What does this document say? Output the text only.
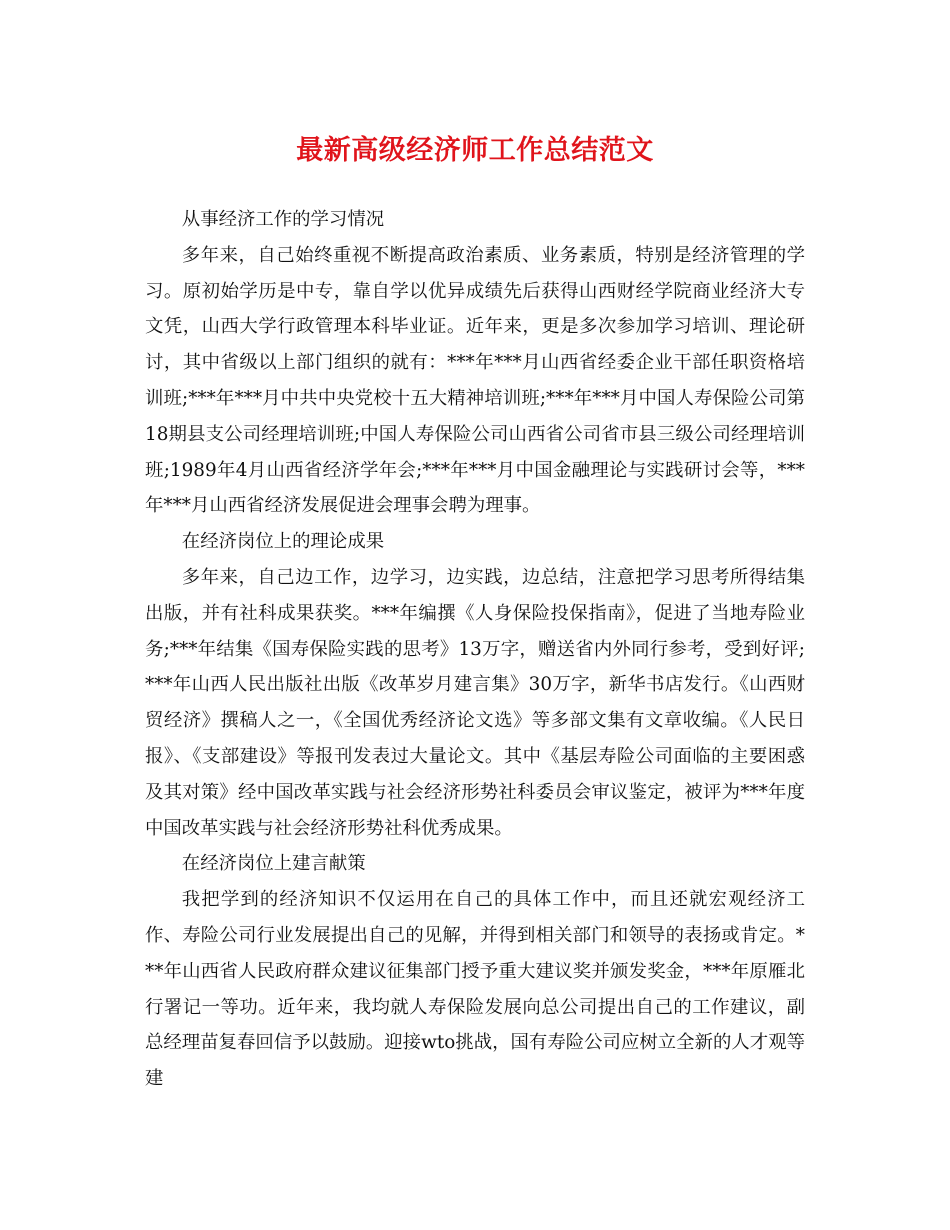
最新高级经济师工作总结范文

从事经济工作的学习情况

多年来，自己始终重视不断提高政治素质、业务素质，特别是经济管理的学习。原初始学历是中专，靠自学以优异成绩先后获得山西财经学院商业经济大专文凭，山西大学行政管理本科毕业证。近年来，更是多次参加学习培训、理论研讨，其中省级以上部门组织的就有：***年***月山西省经委企业干部任职资格培训班;***年***月中共中央党校十五大精神培训班;***年***月中国人寿保险公司第18期县支公司经理培训班;中国人寿保险公司山西省公司省市县三级公司经理培训班;1989年4月山西省经济学年会;***年***月中国金融理论与实践研讨会等，***年***月山西省经济发展促进会理事会聘为理事。

在经济岗位上的理论成果

多年来，自己边工作，边学习，边实践，边总结，注意把学习思考所得结集出版，并有社科成果获奖。***年编撰《人身保险投保指南》，促进了当地寿险业务;***年结集《国寿保险实践的思考》13万字，赠送省内外同行参考，受到好评;***年山西人民出版社出版《改革岁月建言集》30万字，新华书店发行。《山西财贸经济》撰稿人之一，《全国优秀经济论文选》等多部文集有文章收编。《人民日报》、《支部建设》等报刊发表过大量论文。其中《基层寿险公司面临的主要困惑及其对策》经中国改革实践与社会经济形势社科委员会审议鉴定，被评为***年度中国改革实践与社会经济形势社科优秀成果。

在经济岗位上建言献策

我把学到的经济知识不仅运用在自己的具体工作中，而且还就宏观经济工作、寿险公司行业发展提出自己的见解，并得到相关部门和领导的表扬或肯定。***年山西省人民政府群众建议征集部门授予重大建议奖并颁发奖金，***年原雁北行署记一等功。近年来，我均就人寿保险发展向总公司提出自己的工作建议，副总经理苗复春回信予以鼓励。迎接wto挑战，国有寿险公司应树立全新的人才观等建
